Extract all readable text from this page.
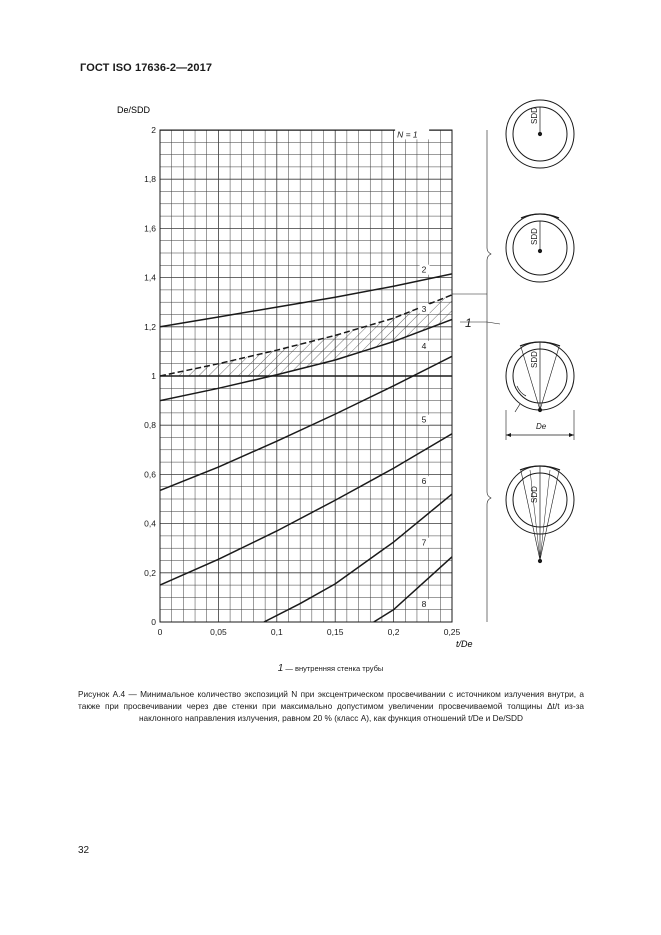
ГОСТ ISO 17636-2—2017
0	0,05	0,1	0,15	0,2	0,25
0
0,2
0,4
0,6
0,8
1
1,2
1,4
1,6
1,8
2	N = 1
2
3
4
5
6
7
8
De/SDD
t/De
SDD
SDD
SDD
De
SDD
1
1 — внутренняя стенка трубы
Рисунок А.4 — Минимальное количество экспозиций N при эксцентрическом просвечивании с источником излучения внутри, а также при просвечивании через две стенки при максимально допустимом увеличении просвечиваемой толщины Δt/t из-за наклонного направления излучения, равном 20 % (класс А), как функция отношений t/De и De/SDD
32
